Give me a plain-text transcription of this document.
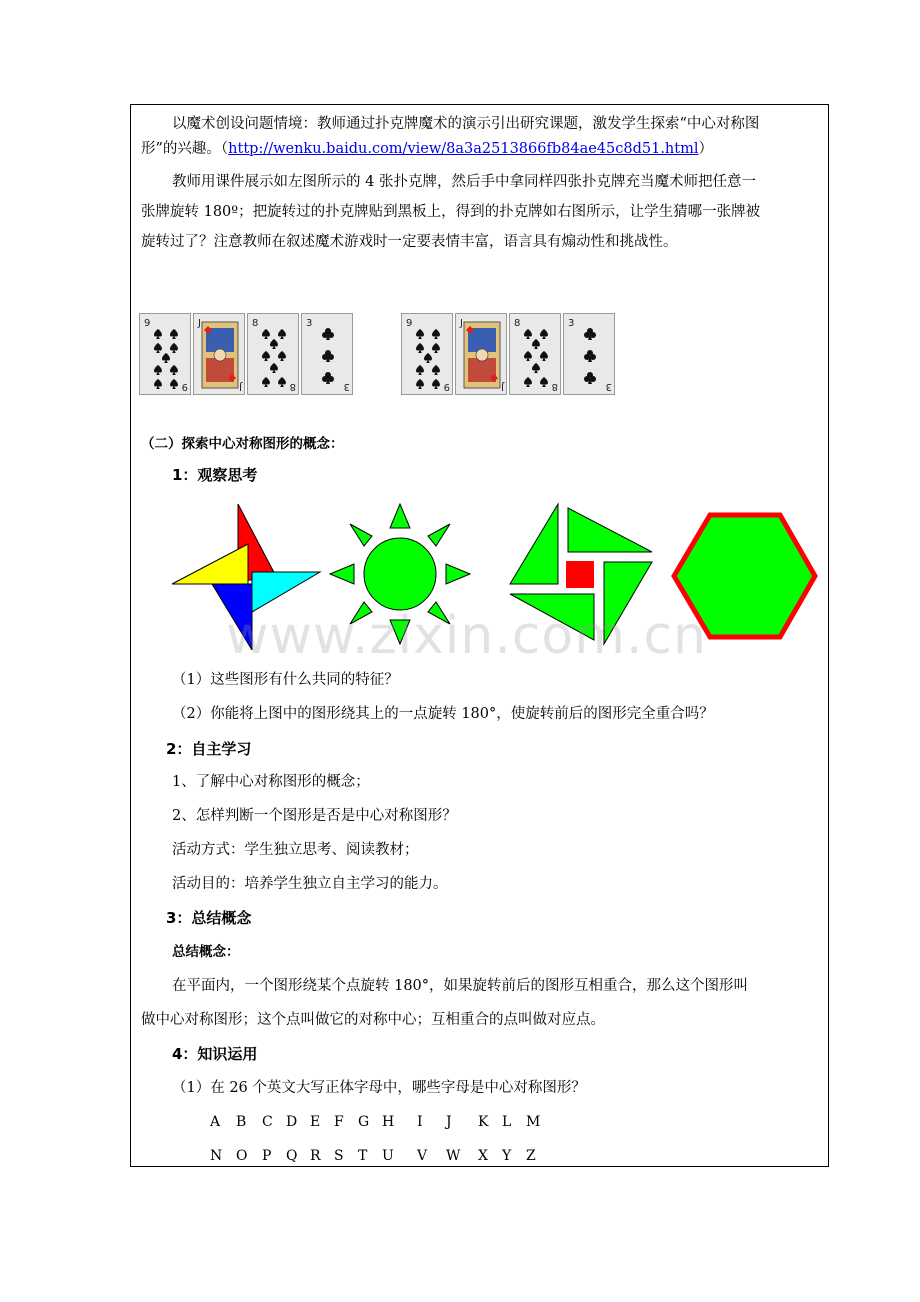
以魔术创设问题情境：教师通过扑克牌魔术的演示引出研究课题，激发学生探索“中心对称图
形”的兴趣。（http://wenku.baidu.com/view/8a3a2513866fb84ae45c8d51.html）
教师用课件展示如左图所示的 4 张扑克牌，然后手中拿同样四张扑克牌充当魔术师把任意一
张牌旋转 180º；把旋转过的扑克牌贴到黑板上，得到的扑克牌如右图所示，让学生猜哪一张牌被
旋转过了？注意教师在叙述魔术游戏时一定要表情丰富，语言具有煽动性和挑战性。
9
9
J
J
8
8
3
3
9
9
J
J
8
8
3
3
（二）探索中心对称图形的概念：
1：观察思考
www.zixin.com.cn
（1）这些图形有什么共同的特征？
（2）你能将上图中的图形绕其上的一点旋转 180°，使旋转前后的图形完全重合吗？
2：自主学习
1、了解中心对称图形的概念；
2、怎样判断一个图形是否是中心对称图形？
活动方式：学生独立思考、阅读教材；
活动目的：培养学生独立自主学习的能力。
3：总结概念
总结概念：
在平面内，一个图形绕某个点旋转 180°，如果旋转前后的图形互相重合，那么这个图形叫
做中心对称图形；这个点叫做它的对称中心；互相重合的点叫做对应点。
4：知识运用
（1）在 26 个英文大写正体字母中，哪些字母是中心对称图形？
A B C D E F G H I J K L M
N O P Q R S T U V W X Y Z
